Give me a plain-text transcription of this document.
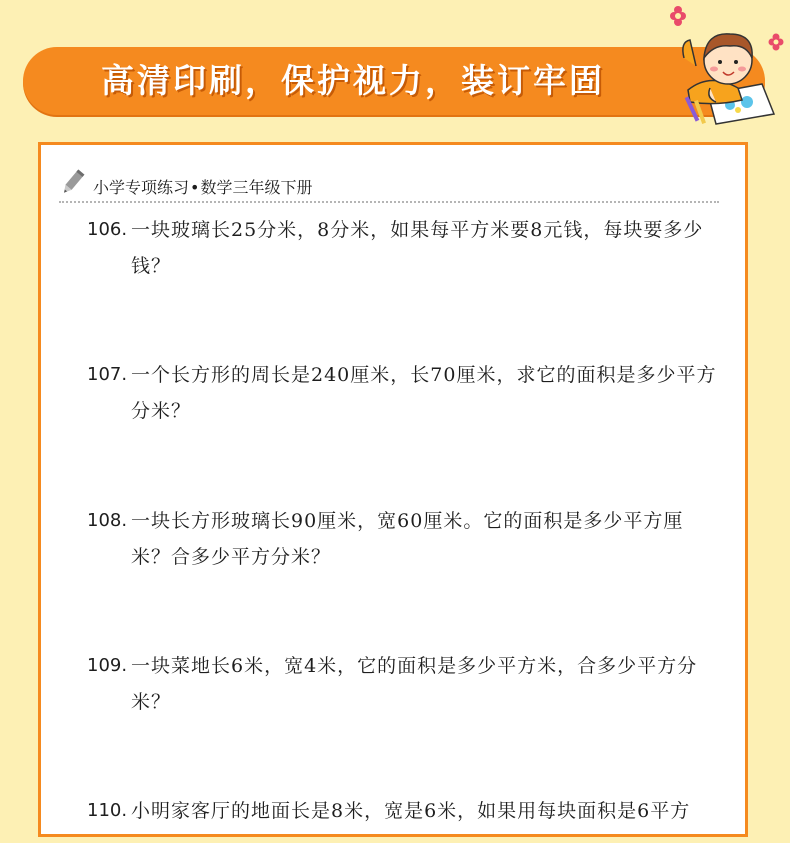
高清印刷，保护视力，装订牢固
小学专项练习•数学三年级下册
106. 一块玻璃长25分米，8分米，如果每平方米要8元钱，每块要多少
钱？
107. 一个长方形的周长是240厘米，长70厘米，求它的面积是多少平方
分米？
108. 一块长方形玻璃长90厘米，宽60厘米。它的面积是多少平方厘
米？合多少平方分米？
109. 一块菜地长6米，宽4米，它的面积是多少平方米，合多少平方分
米？
110. 小明家客厅的地面长是8米，宽是6米，如果用每块面积是6平方
